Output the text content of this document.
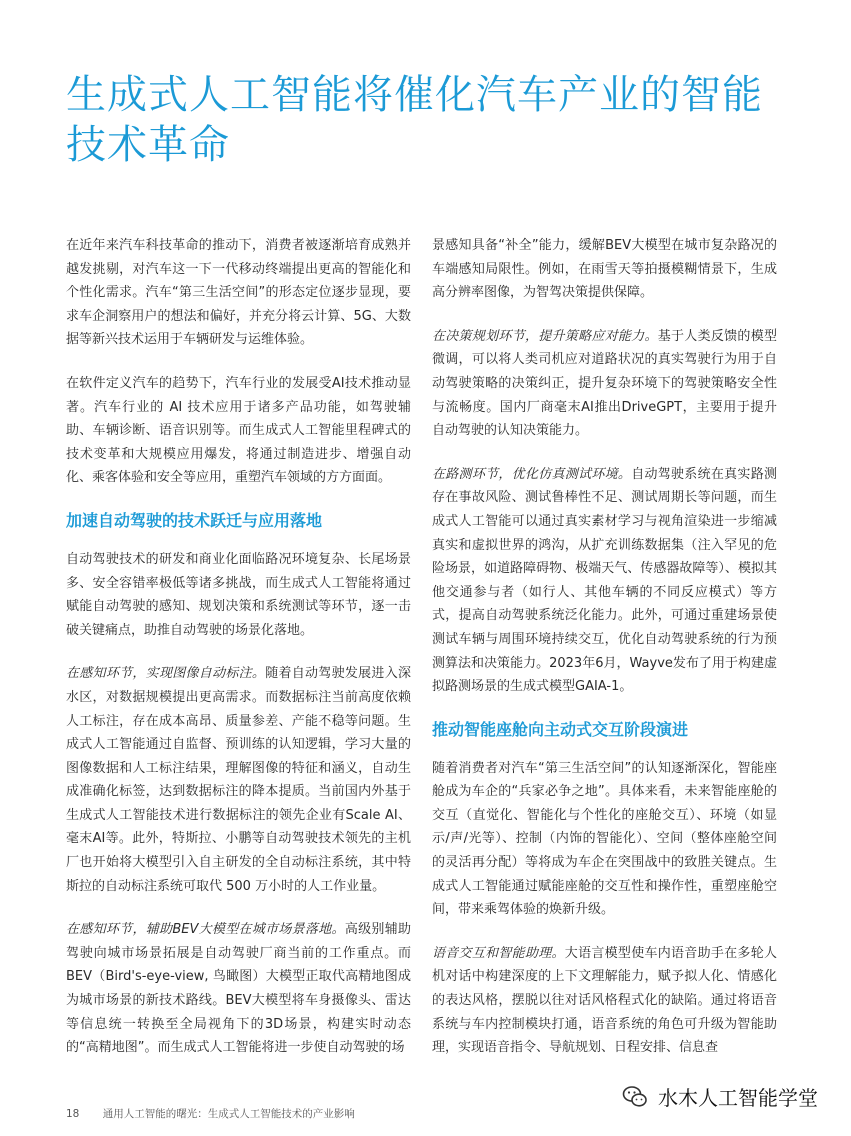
生成式人工智能将催化汽车产业的智能技术革命

在近年来汽车科技革命的推动下，消费者被逐渐培育成熟并越发挑剔，对汽车这一下一代移动终端提出更高的智能化和个性化需求。汽车“第三生活空间”的形态定位逐步显现，要求车企洞察用户的想法和偏好，并充分将云计算、5G、大数据等新兴技术运用于车辆研发与运维体验。

在软件定义汽车的趋势下，汽车行业的发展受AI技术推动显著。汽车行业的 AI 技术应用于诸多产品功能，如驾驶辅助、车辆诊断、语音识别等。而生成式人工智能里程碑式的技术变革和大规模应用爆发，将通过制造进步、增强自动化、乘客体验和安全等应用，重塑汽车领域的方方面面。

加速自动驾驶的技术跃迁与应用落地

自动驾驶技术的研发和商业化面临路况环境复杂、长尾场景多、安全容错率极低等诸多挑战，而生成式人工智能将通过赋能自动驾驶的感知、规划决策和系统测试等环节，逐一击破关键痛点，助推自动驾驶的场景化落地。

在感知环节，实现图像自动标注。随着自动驾驶发展进入深水区，对数据规模提出更高需求。而数据标注当前高度依赖人工标注，存在成本高昂、质量参差、产能不稳等问题。生成式人工智能通过自监督、预训练的认知逻辑，学习大量的图像数据和人工标注结果，理解图像的特征和涵义，自动生成准确化标签，达到数据标注的降本提质。当前国内外基于生成式人工智能技术进行数据标注的领先企业有Scale AI、毫末AI等。此外，特斯拉、小鹏等自动驾驶技术领先的主机厂也开始将大模型引入自主研发的全自动标注系统，其中特斯拉的自动标注系统可取代 500 万小时的人工作业量。

在感知环节，辅助BEV大模型在城市场景落地。高级别辅助驾驶向城市场景拓展是自动驾驶厂商当前的工作重点。而BEV（Bird's-eye-view, 鸟瞰图）大模型正取代高精地图成为城市场景的新技术路线。BEV大模型将车身摄像头、雷达等信息统一转换至全局视角下的3D场景，构建实时动态的“高精地图”。而生成式人工智能将进一步使自动驾驶的场

景感知具备“补全”能力，缓解BEV大模型在城市复杂路况的车端感知局限性。例如，在雨雪天等拍摄模糊情景下，生成高分辨率图像，为智驾决策提供保障。

在决策规划环节，提升策略应对能力。基于人类反馈的模型微调，可以将人类司机应对道路状况的真实驾驶行为用于自动驾驶策略的决策纠正，提升复杂环境下的驾驶策略安全性与流畅度。国内厂商毫末AI推出DriveGPT，主要用于提升自动驾驶的认知决策能力。

在路测环节，优化仿真测试环境。自动驾驶系统在真实路测存在事故风险、测试鲁棒性不足、测试周期长等问题，而生成式人工智能可以通过真实素材学习与视角渲染进一步缩减真实和虚拟世界的鸿沟，从扩充训练数据集（注入罕见的危险场景，如道路障碍物、极端天气、传感器故障等）、模拟其他交通参与者（如行人、其他车辆的不同反应模式）等方式，提高自动驾驶系统泛化能力。此外，可通过重建场景使测试车辆与周围环境持续交互，优化自动驾驶系统的行为预测算法和决策能力。2023年6月，Wayve发布了用于构建虚拟路测场景的生成式模型GAIA-1。

推动智能座舱向主动式交互阶段演进

随着消费者对汽车“第三生活空间”的认知逐渐深化，智能座舱成为车企的“兵家必争之地”。具体来看，未来智能座舱的交互（直觉化、智能化与个性化的座舱交互）、环境（如显示/声/光等）、控制（内饰的智能化）、空间（整体座舱空间的灵活再分配）等将成为车企在突围战中的致胜关键点。生成式人工智能通过赋能座舱的交互性和操作性，重塑座舱空间，带来乘驾体验的焕新升级。

语音交互和智能助理。大语言模型使车内语音助手在多轮人机对话中构建深度的上下文理解能力，赋予拟人化、情感化的表达风格，摆脱以往对话风格程式化的缺陷。通过将语音系统与车内控制模块打通，语音系统的角色可升级为智能助理，实现语音指令、导航规划、日程安排、信息查

18 通用人工智能的曙光：生成式人工智能技术的产业影响
水木人工智能学堂
